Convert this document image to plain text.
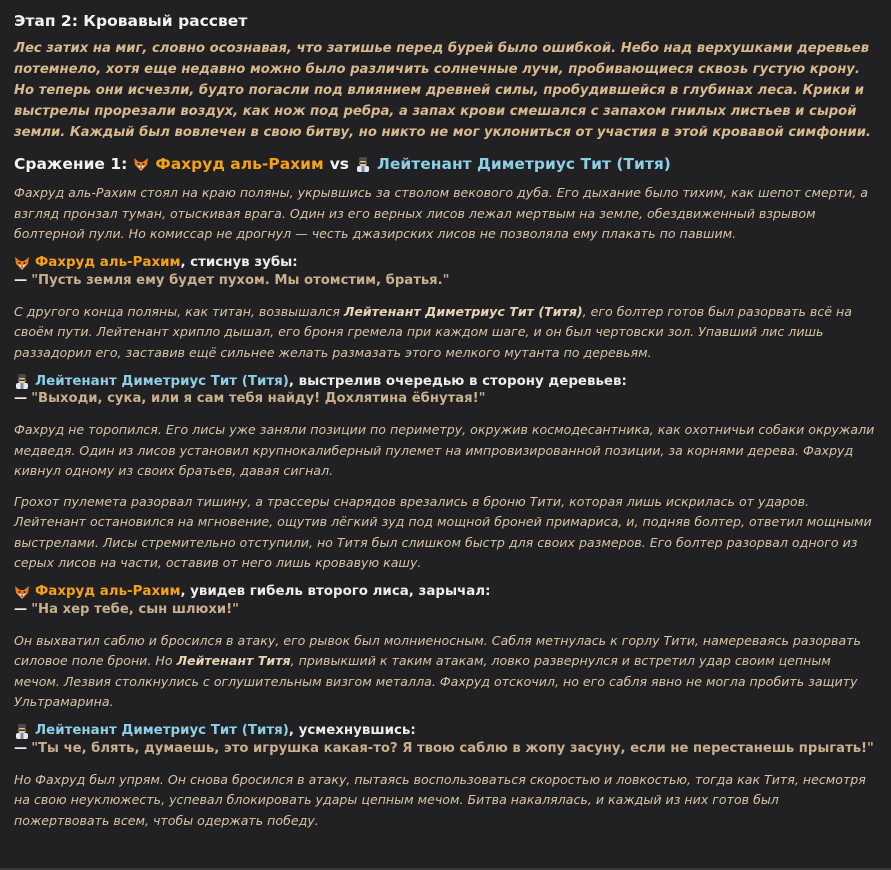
Этап 2: Кровавый рассвет

Лес затих на миг, словно осознавая, что затишье перед бурей было ошибкой. Небо над верхушками деревьев потемнело, хотя еще недавно можно было различить солнечные лучи, пробивающиеся сквозь густую крону. Но теперь они исчезли, будто погасли под влиянием древней силы, пробудившейся в глубинах леса. Крики и выстрелы прорезали воздух, как нож под ребра, а запах крови смешался с запахом гнилых листьев и сырой земли. Каждый был вовлечен в свою битву, но никто не мог уклониться от участия в этой кровавой симфонии.

Сражение 1: Фахруд аль-Рахим vs Лейтенант Диметриус Тит (Титя)

Фахруд аль-Рахим стоял на краю поляны, укрывшись за стволом векового дуба. Его дыхание было тихим, как шепот смерти, а взгляд пронзал туман, отыскивая врага. Один из его верных лисов лежал мертвым на земле, обездвиженный взрывом болтерной пули. Но комиссар не дрогнул — честь джазирских лисов не позволяла ему плакать по павшим.

Фахруд аль-Рахим, стиснув зубы:
— "Пусть земля ему будет пухом. Мы отомстим, братья."

С другого конца поляны, как титан, возвышался Лейтенант Диметриус Тит (Титя), его болтер готов был разорвать всё на своём пути. Лейтенант хрипло дышал, его броня гремела при каждом шаге, и он был чертовски зол. Упавший лис лишь раззадорил его, заставив ещё сильнее желать размазать этого мелкого мутанта по деревьям.

Лейтенант Диметриус Тит (Титя), выстрелив очередью в сторону деревьев:
— "Выходи, сука, или я сам тебя найду! Дохлятина ёбнутая!"

Фахруд не торопился. Его лисы уже заняли позиции по периметру, окружив космодесантника, как охотничьи собаки окружали медведя. Один из лисов установил крупнокалиберный пулемет на импровизированной позиции, за корнями дерева. Фахруд кивнул одному из своих братьев, давая сигнал.

Грохот пулемета разорвал тишину, а трассеры снарядов врезались в броню Тити, которая лишь искрилась от ударов. Лейтенант остановился на мгновение, ощутив лёгкий зуд под мощной броней примариса, и, подняв болтер, ответил мощными выстрелами. Лисы стремительно отступили, но Титя был слишком быстр для своих размеров. Его болтер разорвал одного из серых лисов на части, оставив от него лишь кровавую кашу.

Фахруд аль-Рахим, увидев гибель второго лиса, зарычал:
— "На хер тебе, сын шлюхи!"

Он выхватил саблю и бросился в атаку, его рывок был молниеносным. Сабля метнулась к горлу Тити, намереваясь разорвать силовое поле брони. Но Лейтенант Титя, привыкший к таким атакам, ловко развернулся и встретил удар своим цепным мечом. Лезвия столкнулись с оглушительным визгом металла. Фахруд отскочил, но его сабля явно не могла пробить защиту Ультрамарина.

Лейтенант Диметриус Тит (Титя), усмехнувшись:
— "Ты че, блять, думаешь, это игрушка какая-то? Я твою саблю в жопу засуну, если не перестанешь прыгать!"

Но Фахруд был упрям. Он снова бросился в атаку, пытаясь воспользоваться скоростью и ловкостью, тогда как Титя, несмотря на свою неуклюжесть, успевал блокировать удары цепным мечом. Битва накалялась, и каждый из них готов был пожертвовать всем, чтобы одержать победу.
